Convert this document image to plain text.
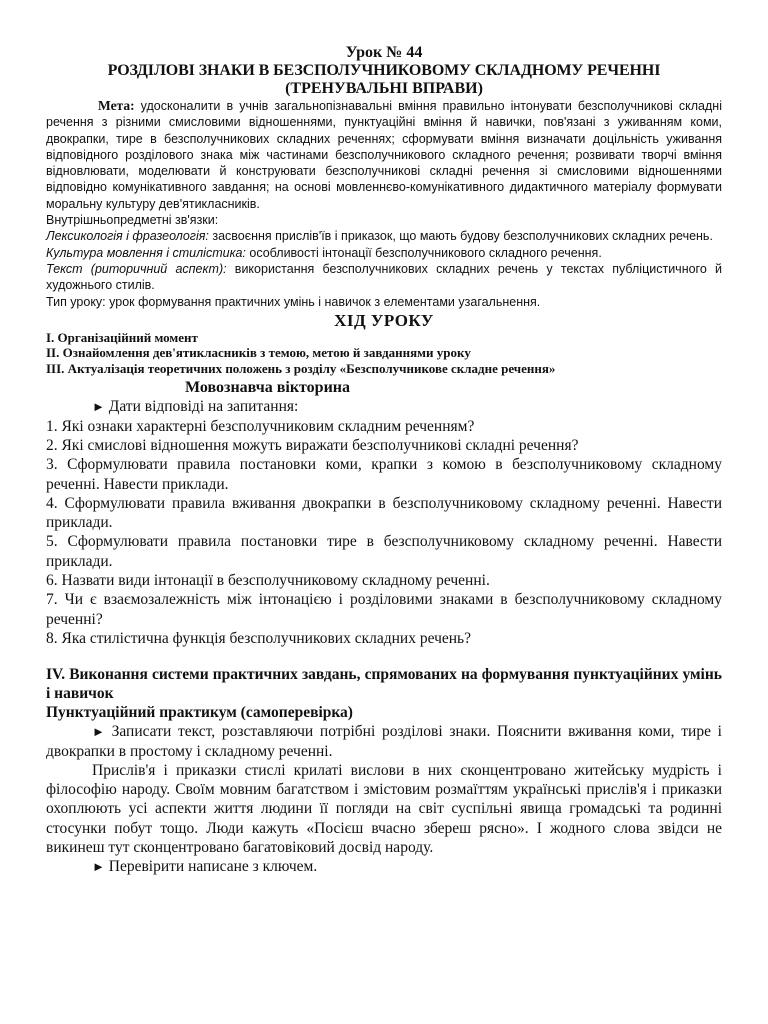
Урок № 44

РОЗДІЛОВІ ЗНАКИ В БЕЗСПОЛУЧНИКОВОМУ СКЛАДНОМУ РЕЧЕННІ

(ТРЕНУВАЛЬНІ ВПРАВИ)

Мета: удосконалити в учнів загальнопізнавальні вміння правильно інтонувати безсполучникові складні речення з різними смисловими відношеннями, пунктуаційні вміння й навички, пов'язані з уживанням коми, двокрапки, тире в безсполучникових складних реченнях; сформувати вміння визначати доцільність уживання відповідного розділового знака між частинами безсполучникового складного речення; розвивати творчі вміння відновлювати, моделювати й конструювати безсполучникові складні речення зі смисловими відношеннями відповідно комунікативного завдання; на основі мовленнєво-комунікативного дидактичного матеріалу формувати моральну культуру дев'ятикласників.

Внутрішньопредметні зв'язки:

Лексикологія і фразеологія: засвоєння прислів'їв і приказок, що мають будову безсполучникових складних речень.

Культура мовлення і стилістика: особливості інтонації безсполучникового складного речення.

Текст (риторичний аспект): використання безсполучникових складних речень у текстах публіцистичного й художнього стилів.

Тип уроку: урок формування практичних умінь і навичок з елементами узагальнення.

ХІД УРОКУ

I. Організаційний момент

II. Ознайомлення дев'ятикласників з темою, метою й завданнями уроку

III. Актуалізація теоретичних положень з розділу «Безсполучникове складне речення»

Мовознавча вікторина

► Дати відповіді на запитання:

1. Які ознаки характерні безсполучниковим складним реченням?

2. Які смислові відношення можуть виражати безсполучникові складні речення?

3. Сформулювати правила постановки коми, крапки з комою в безсполучниковому складному реченні. Навести приклади.

4. Сформулювати правила вживання двокрапки в безсполучниковому складному реченні. Навести приклади.

5. Сформулювати правила постановки тире в безсполучниковому складному реченні. Навести приклади.

6. Назвати види інтонації в безсполучниковому складному реченні.

7. Чи є взаємозалежність між інтонацією і розділовими знаками в безсполучниковому складному реченні?

8. Яка стилістична функція безсполучникових складних речень?

IV. Виконання системи практичних завдань, спрямованих на формування пунктуаційних умінь і навичок

Пунктуаційний практикум (самоперевірка)

► Записати текст, розставляючи потрібні розділові знаки. Пояснити вживання коми, тире і двокрапки в простому і складному реченні.

Прислів'я і приказки стислі крилаті вислови в них сконцентровано житейську мудрість і філософію народу. Своїм мовним багатством і змістовим розмаїттям українські прислів'я і приказки охоплюють усі аспекти життя людини її погляди на світ суспільні явища громадські та родинні стосунки побут тощо. Люди кажуть «Посієш вчасно збереш рясно». І жодного слова звідси не викинеш тут сконцентровано багатовіковий досвід народу.

► Перевірити написане з ключем.
